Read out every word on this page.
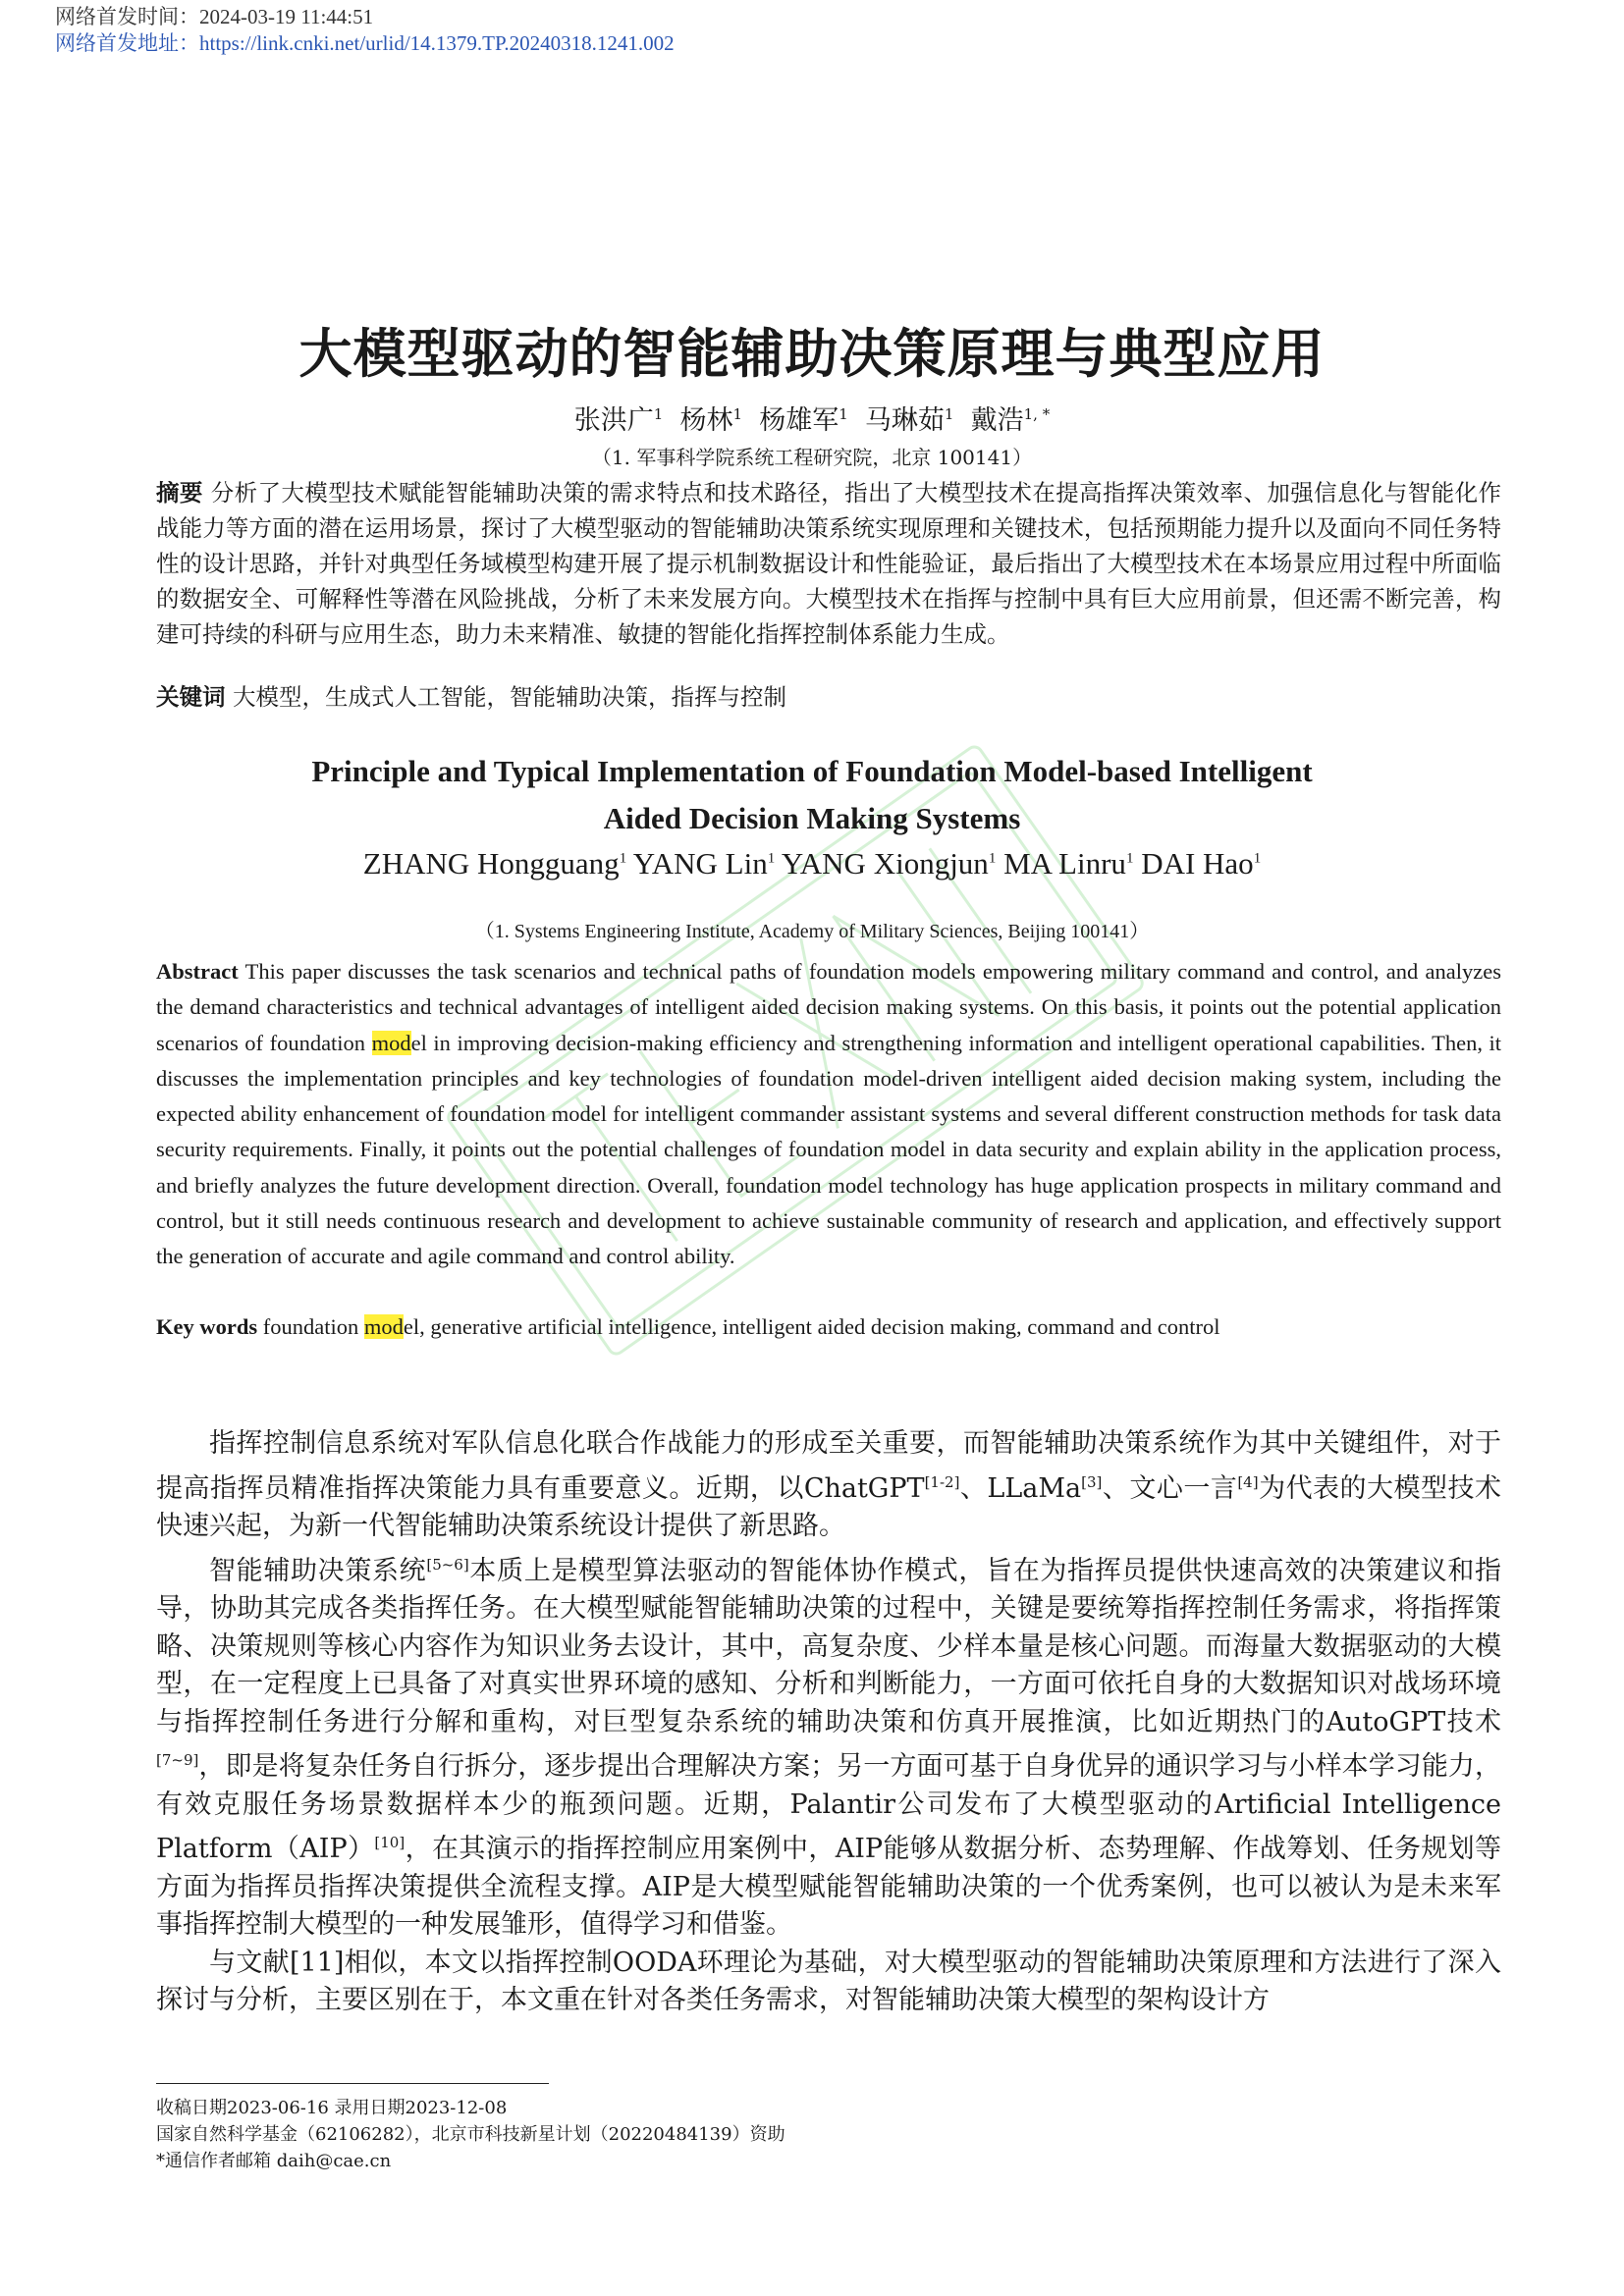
网络首发时间：2024-03-19 11:44:51
网络首发地址：https://link.cnki.net/urlid/14.1379.TP.20240318.1241.002
大模型驱动的智能辅助决策原理与典型应用
张洪广$^1$ 杨林$^1$ 杨雄军$^1$ 马琳茹$^1$ 戴浩$^{1, *}$
（1. 军事科学院系统工程研究院，北京 100141）
摘要 分析了大模型技术赋能智能辅助决策的需求特点和技术路径，指出了大模型技术在提高指挥决策效率、加强信息化与智能化作战能力等方面的潜在运用场景，探讨了大模型驱动的智能辅助决策系统实现原理和关键技术，包括预期能力提升以及面向不同任务特性的设计思路，并针对典型任务域模型构建开展了提示机制数据设计和性能验证，最后指出了大模型技术在本场景应用过程中所面临的数据安全、可解释性等潜在风险挑战，分析了未来发展方向。大模型技术在指挥与控制中具有巨大应用前景，但还需不断完善，构建可持续的科研与应用生态，助力未来精准、敏捷的智能化指挥控制体系能力生成。
关键词 大模型，生成式人工智能，智能辅助决策，指挥与控制
Principle and Typical Implementation of Foundation Model-based Intelligent
Aided Decision Making Systems
ZHANG Hongguang$^1$ YANG Lin$^1$ YANG Xiongjun$^1$ MA Linru$^1$ DAI Hao$^1$
（1. Systems Engineering Institute, Academy of Military Sciences, Beijing 100141）
Abstract This paper discusses the task scenarios and technical paths of foundation models empowering military command and control, and analyzes the demand characteristics and technical advantages of intelligent aided decision making systems. On this basis, it points out the potential application scenarios of foundation model in improving decision-making efficiency and strengthening information and intelligent operational capabilities. Then, it discusses the implementation principles and key technologies of foundation model-driven intelligent aided decision making system, including the expected ability enhancement of foundation model for intelligent commander assistant systems and several different construction methods for task data security requirements. Finally, it points out the potential challenges of foundation model in data security and explain ability in the application process, and briefly analyzes the future development direction. Overall, foundation model technology has huge application prospects in military command and control, but it still needs continuous research and development to achieve sustainable community of research and application, and effectively support the generation of accurate and agile command and control ability.
Key words foundation model, generative artificial intelligence, intelligent aided decision making, command and control

指挥控制信息系统对军队信息化联合作战能力的形成至关重要，而智能辅助决策系统作为其中关键组件，对于提高指挥员精准指挥决策能力具有重要意义。近期，以ChatGPT[1-2]、LLaMa[3]、文心一言[4]为代表的大模型技术快速兴起，为新一代智能辅助决策系统设计提供了新思路。

智能辅助决策系统[5~6]本质上是模型算法驱动的智能体协作模式，旨在为指挥员提供快速高效的决策建议和指导，协助其完成各类指挥任务。在大模型赋能智能辅助决策的过程中，关键是要统筹指挥控制任务需求，将指挥策略、决策规则等核心内容作为知识业务去设计，其中，高复杂度、少样本量是核心问题。而海量大数据驱动的大模型，在一定程度上已具备了对真实世界环境的感知、分析和判断能力，一方面可依托自身的大数据知识对战场环境与指挥控制任务进行分解和重构，对巨型复杂系统的辅助决策和仿真开展推演，比如近期热门的AutoGPT技术[7~9]，即是将复杂任务自行拆分，逐步提出合理解决方案；另一方面可基于自身优异的通识学习与小样本学习能力，有效克服任务场景数据样本少的瓶颈问题。近期，Palantir公司发布了大模型驱动的Artificial Intelligence Platform（AIP）[10]，在其演示的指挥控制应用案例中，AIP能够从数据分析、态势理解、作战筹划、任务规划等方面为指挥员指挥决策提供全流程支撑。AIP是大模型赋能智能辅助决策的一个优秀案例，也可以被认为是未来军事指挥控制大模型的一种发展雏形，值得学习和借鉴。

与文献[11]相似，本文以指挥控制OODA环理论为基础，对大模型驱动的智能辅助决策原理和方法进行了深入探讨与分析，主要区别在于，本文重在针对各类任务需求，对智能辅助决策大模型的架构设计方

收稿日期2023-06-16 录用日期2023-12-08
国家自然科学基金（62106282），北京市科技新星计划（20220484139）资助
*通信作者邮箱 daih@cae.cn
